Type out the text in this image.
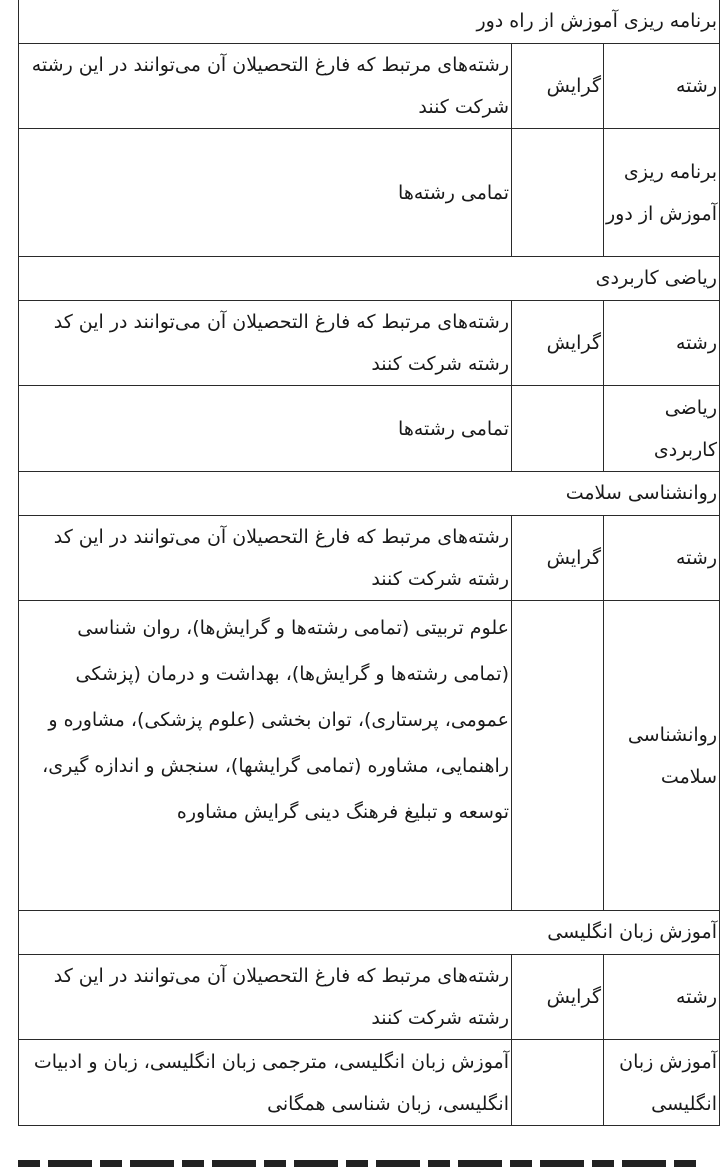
برنامه ریزی آموزش از راه دور		
رشته	گرایش	رشته‌های مرتبط که فارغ التحصیلان آن می‌توانند در این رشته شرکت کنند
برنامه ریزی آموزش از دور		تمامی رشته‌ها
ریاضی کاربردی		
رشته	گرایش	رشته‌های مرتبط که فارغ التحصیلان آن می‌توانند در این کد رشته شرکت کنند
ریاضی کاربردی		تمامی رشته‌ها
روانشناسی سلامت		
رشته	گرایش	رشته‌های مرتبط که فارغ التحصیلان آن می‌توانند در این کد رشته شرکت کنند
روانشناسی سلامت		علوم تربیتی (تمامی رشته‌ها و گرایش‌ها)، روان شناسی (تمامی رشته‌ها و گرایش‌ها)، بهداشت و درمان (پزشکی عمومی، پرستاری)، توان بخشی (علوم پزشکی)، مشاوره و راهنمایی، مشاوره (تمامی گرایشها)، سنجش و اندازه گیری، توسعه و تبلیغ فرهنگ دینی گرایش مشاوره
آموزش زبان انگلیسی		
رشته	گرایش	رشته‌های مرتبط که فارغ التحصیلان آن می‌توانند در این کد رشته شرکت کنند
آموزش زبان انگلیسی		آموزش زبان انگلیسی، مترجمی زبان انگلیسی، زبان و ادبیات انگلیسی، زبان شناسی همگانی
